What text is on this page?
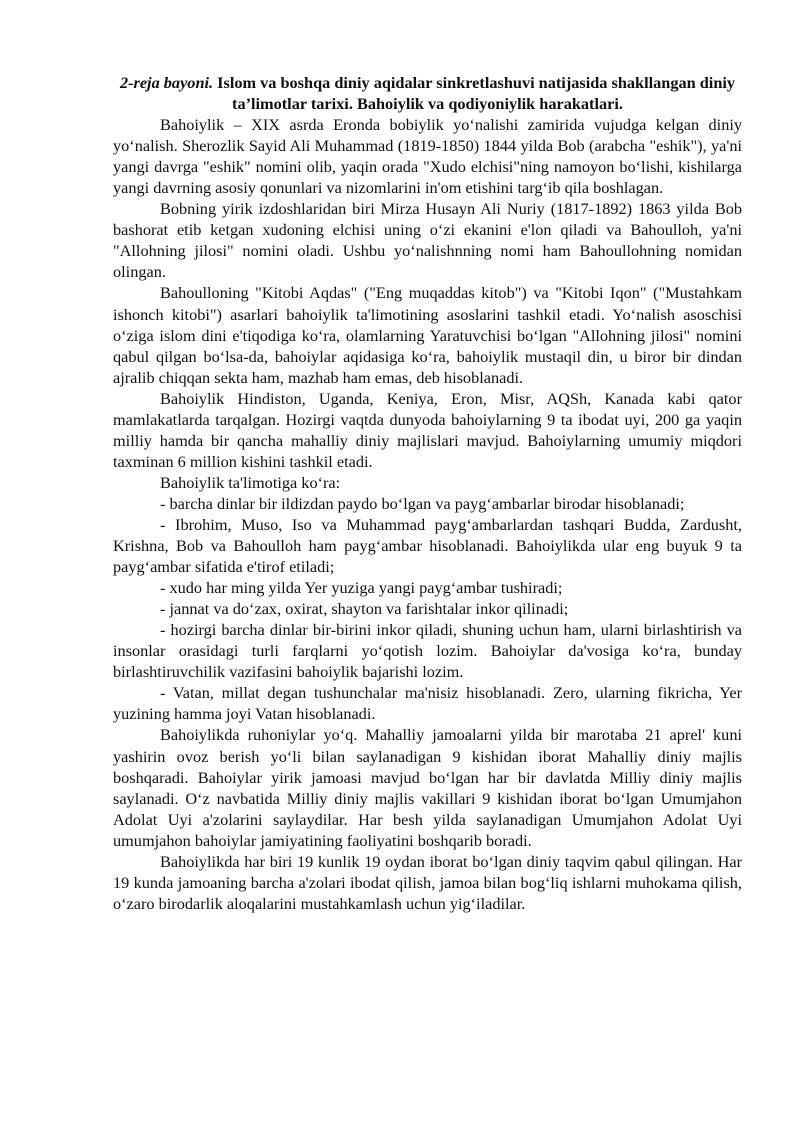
2-reja bayoni. Islom va boshqa diniy aqidalar sinkretlashuvi natijasida shakllangan diniy ta’limotlar tarixi. Bahoiylik va qodiyoniylik harakatlari.

Bahoiylik – XIX asrda Eronda bobiylik yo‘nalishi zamirida vujudga kelgan diniy yo‘nalish. Sherozlik Sayid Ali Muhammad (1819-1850) 1844 yilda Bob (arabcha "eshik"), ya'ni yangi davrga "eshik" nomini olib, yaqin orada "Xudo elchisi"ning namoyon bo‘lishi, kishilarga yangi davrning asosiy qonunlari va nizomlarini in'om etishini targ‘ib qila boshlagan.

Bobning yirik izdoshlaridan biri Mirza Husayn Ali Nuriy (1817-1892) 1863 yilda Bob bashorat etib ketgan xudoning elchisi uning o‘zi ekanini e'lon qiladi va Bahoulloh, ya'ni "Allohning jilosi" nomini oladi. Ushbu yo‘nalishnning nomi ham Bahoullohning nomidan olingan.

Bahoulloning "Kitobi Aqdas" ("Eng muqaddas kitob") va "Kitobi Iqon" ("Mustahkam ishonch kitobi") asarlari bahoiylik ta'limotining asoslarini tashkil etadi. Yo‘nalish asoschisi o‘ziga islom dini e'tiqodiga ko‘ra, olamlarning Yaratuvchisi bo‘lgan "Allohning jilosi" nomini qabul qilgan bo‘lsa-da, bahoiylar aqidasiga ko‘ra, bahoiylik mustaqil din, u biror bir dindan ajralib chiqqan sekta ham, mazhab ham emas, deb hisoblanadi.

Bahoiylik Hindiston, Uganda, Keniya, Eron, Misr, AQSh, Kanada kabi qator mamlakatlarda tarqalgan. Hozirgi vaqtda dunyoda bahoiylarning 9 ta ibodat uyi, 200 ga yaqin milliy hamda bir qancha mahalliy diniy majlislari mavjud. Bahoiylarning umumiy miqdori taxminan 6 million kishini tashkil etadi.

Bahoiylik ta'limotiga ko‘ra:

- barcha dinlar bir ildizdan paydo bo‘lgan va payg‘ambarlar birodar hisoblanadi;

- Ibrohim, Muso, Iso va Muhammad payg‘ambarlardan tashqari Budda, Zardusht, Krishna, Bob va Bahoulloh ham payg‘ambar hisoblanadi. Bahoiylikda ular eng buyuk 9 ta payg‘ambar sifatida e'tirof etiladi;

- xudo har ming yilda Yer yuziga yangi payg‘ambar tushiradi;

- jannat va do‘zax, oxirat, shayton va farishtalar inkor qilinadi;

- hozirgi barcha dinlar bir-birini inkor qiladi, shuning uchun ham, ularni birlashtirish va insonlar orasidagi turli farqlarni yo‘qotish lozim. Bahoiylar da'vosiga ko‘ra, bunday birlashtiruvchilik vazifasini bahoiylik bajarishi lozim.

- Vatan, millat degan tushunchalar ma'nisiz hisoblanadi. Zero, ularning fikricha, Yer yuzining hamma joyi Vatan hisoblanadi.

Bahoiylikda ruhoniylar yo‘q. Mahalliy jamoalarni yilda bir marotaba 21 aprel' kuni yashirin ovoz berish yo‘li bilan saylanadigan 9 kishidan iborat Mahalliy diniy majlis boshqaradi. Bahoiylar yirik jamoasi mavjud bo‘lgan har bir davlatda Milliy diniy majlis saylanadi. O‘z navbatida Milliy diniy majlis vakillari 9 kishidan iborat bo‘lgan Umumjahon Adolat Uyi a'zolarini saylaydilar. Har besh yilda saylanadigan Umumjahon Adolat Uyi umumjahon bahoiylar jamiyatining faoliyatini boshqarib boradi.

Bahoiylikda har biri 19 kunlik 19 oydan iborat bo‘lgan diniy taqvim qabul qilingan. Har 19 kunda jamoaning barcha a'zolari ibodat qilish, jamoa bilan bog‘liq ishlarni muhokama qilish, o‘zaro birodarlik aloqalarini mustahkamlash uchun yig‘iladilar.
